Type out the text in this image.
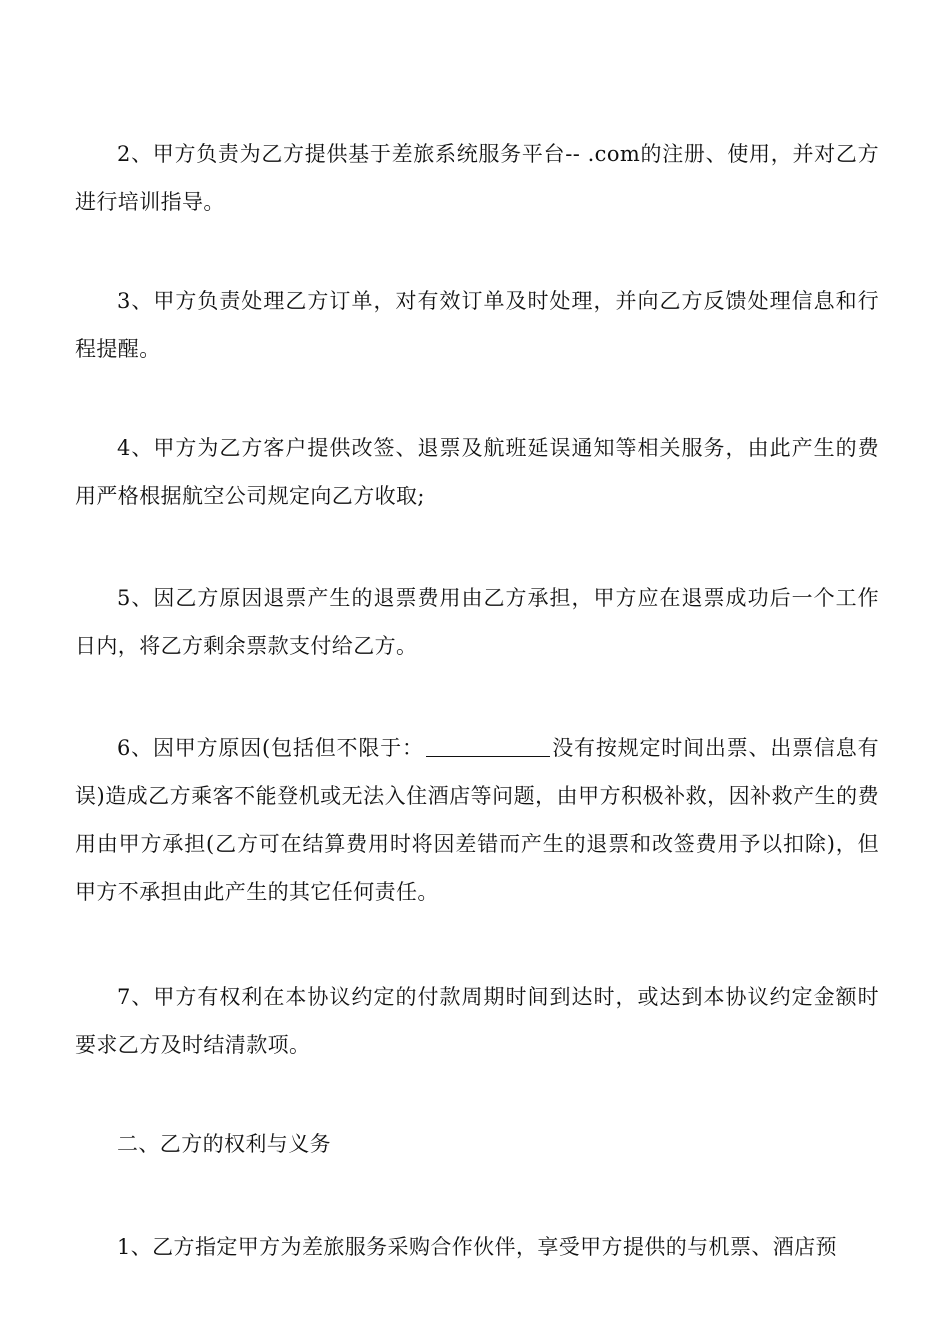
2、甲方负责为乙方提供基于差旅系统服务平台-- .com的注册、使用，并对乙方进行培训指导。

3、甲方负责处理乙方订单，对有效订单及时处理，并向乙方反馈处理信息和行程提醒。

4、甲方为乙方客户提供改签、退票及航班延误通知等相关服务，由此产生的费用严格根据航空公司规定向乙方收取;

5、因乙方原因退票产生的退票费用由乙方承担，甲方应在退票成功后一个工作日内，将乙方剩余票款支付给乙方。

6、因甲方原因(包括但不限于：	没有按规定时间出票、出票信息有误)造成乙方乘客不能登机或无法入住酒店等问题，由甲方积极补救，因补救产生的费用由甲方承担(乙方可在结算费用时将因差错而产生的退票和改签费用予以扣除)，但甲方不承担由此产生的其它任何责任。

7、甲方有权利在本协议约定的付款周期时间到达时，或达到本协议约定金额时要求乙方及时结清款项。

二、乙方的权利与义务

1、乙方指定甲方为差旅服务采购合作伙伴，享受甲方提供的与机票、酒店预
